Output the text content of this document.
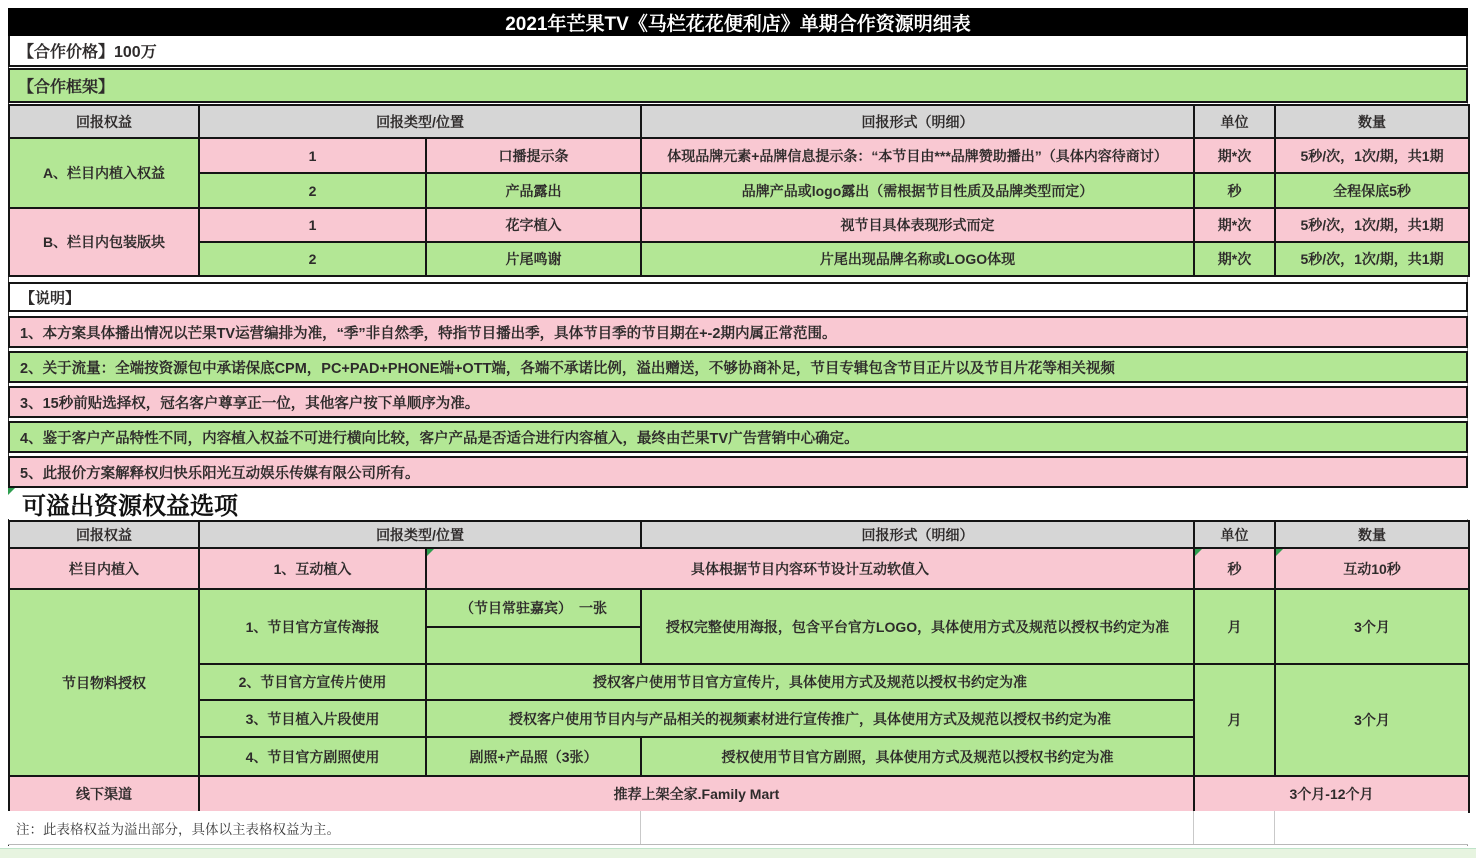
2021年芒果TV《马栏花花便利店》单期合作资源明细表
【合作价格】100万
【合作框架】
回报权益	回报类型/位置		回报形式（明细）	单位	数量
A、栏目内植入权益	1	口播提示条	体现品牌元素+品牌信息提示条：“本节目由***品牌赞助播出”（具体内容待商讨）	期*次	5秒/次，1次/期，共1期
	2	产品露出	品牌产品或logo露出（需根据节目性质及品牌类型而定）	秒	全程保底5秒
B、栏目内包装版块	1	花字植入	视节目具体表现形式而定	期*次	5秒/次，1次/期，共1期
	2	片尾鸣谢	片尾出现品牌名称或LOGO体现	期*次	5秒/次，1次/期，共1期
【说明】
1、本方案具体播出情况以芒果TV运营编排为准，“季”非自然季，特指节目播出季，具体节目季的节目期在+-2期内属正常范围。
2、关于流量：全端按资源包中承诺保底CPM，PC+PAD+PHONE端+OTT端，各端不承诺比例，溢出赠送，不够协商补足，节目专辑包含节目正片以及节目片花等相关视频
3、15秒前贴选择权，冠名客户尊享正一位，其他客户按下单顺序为准。
4、鉴于客户产品特性不同，内容植入权益不可进行横向比较，客户产品是否适合进行内容植入，最终由芒果TV广告营销中心确定。
5、此报价方案解释权归快乐阳光互动娱乐传媒有限公司所有。
可溢出资源权益选项
回报权益	回报类型/位置		回报形式（明细）	单位	数量
栏目内植入	1、互动植入	具体根据节目内容环节设计互动软值入		秒	互动10秒
节目物料授权	1、节目官方宣传海报	（节目常驻嘉宾）　一张	授权完整使用海报，包含平台官方LOGO，具体使用方式及规范以授权书约定为准	月	3个月

	2、节目官方宣传片使用	授权客户使用节目官方宣传片，具体使用方式及规范以授权书约定为准		月	3个月
	3、节目植入片段使用	授权客户使用节目内与产品相关的视频素材进行宣传推广，具体使用方式及规范以授权书约定为准			
	4、节目官方剧照使用	剧照+产品照（3张）	授权使用节目官方剧照，具体使用方式及规范以授权书约定为准		
线下渠道	推荐上架全家.Family Mart			3个月-12个月	
注：此表格权益为溢出部分，具体以主表格权益为主。
